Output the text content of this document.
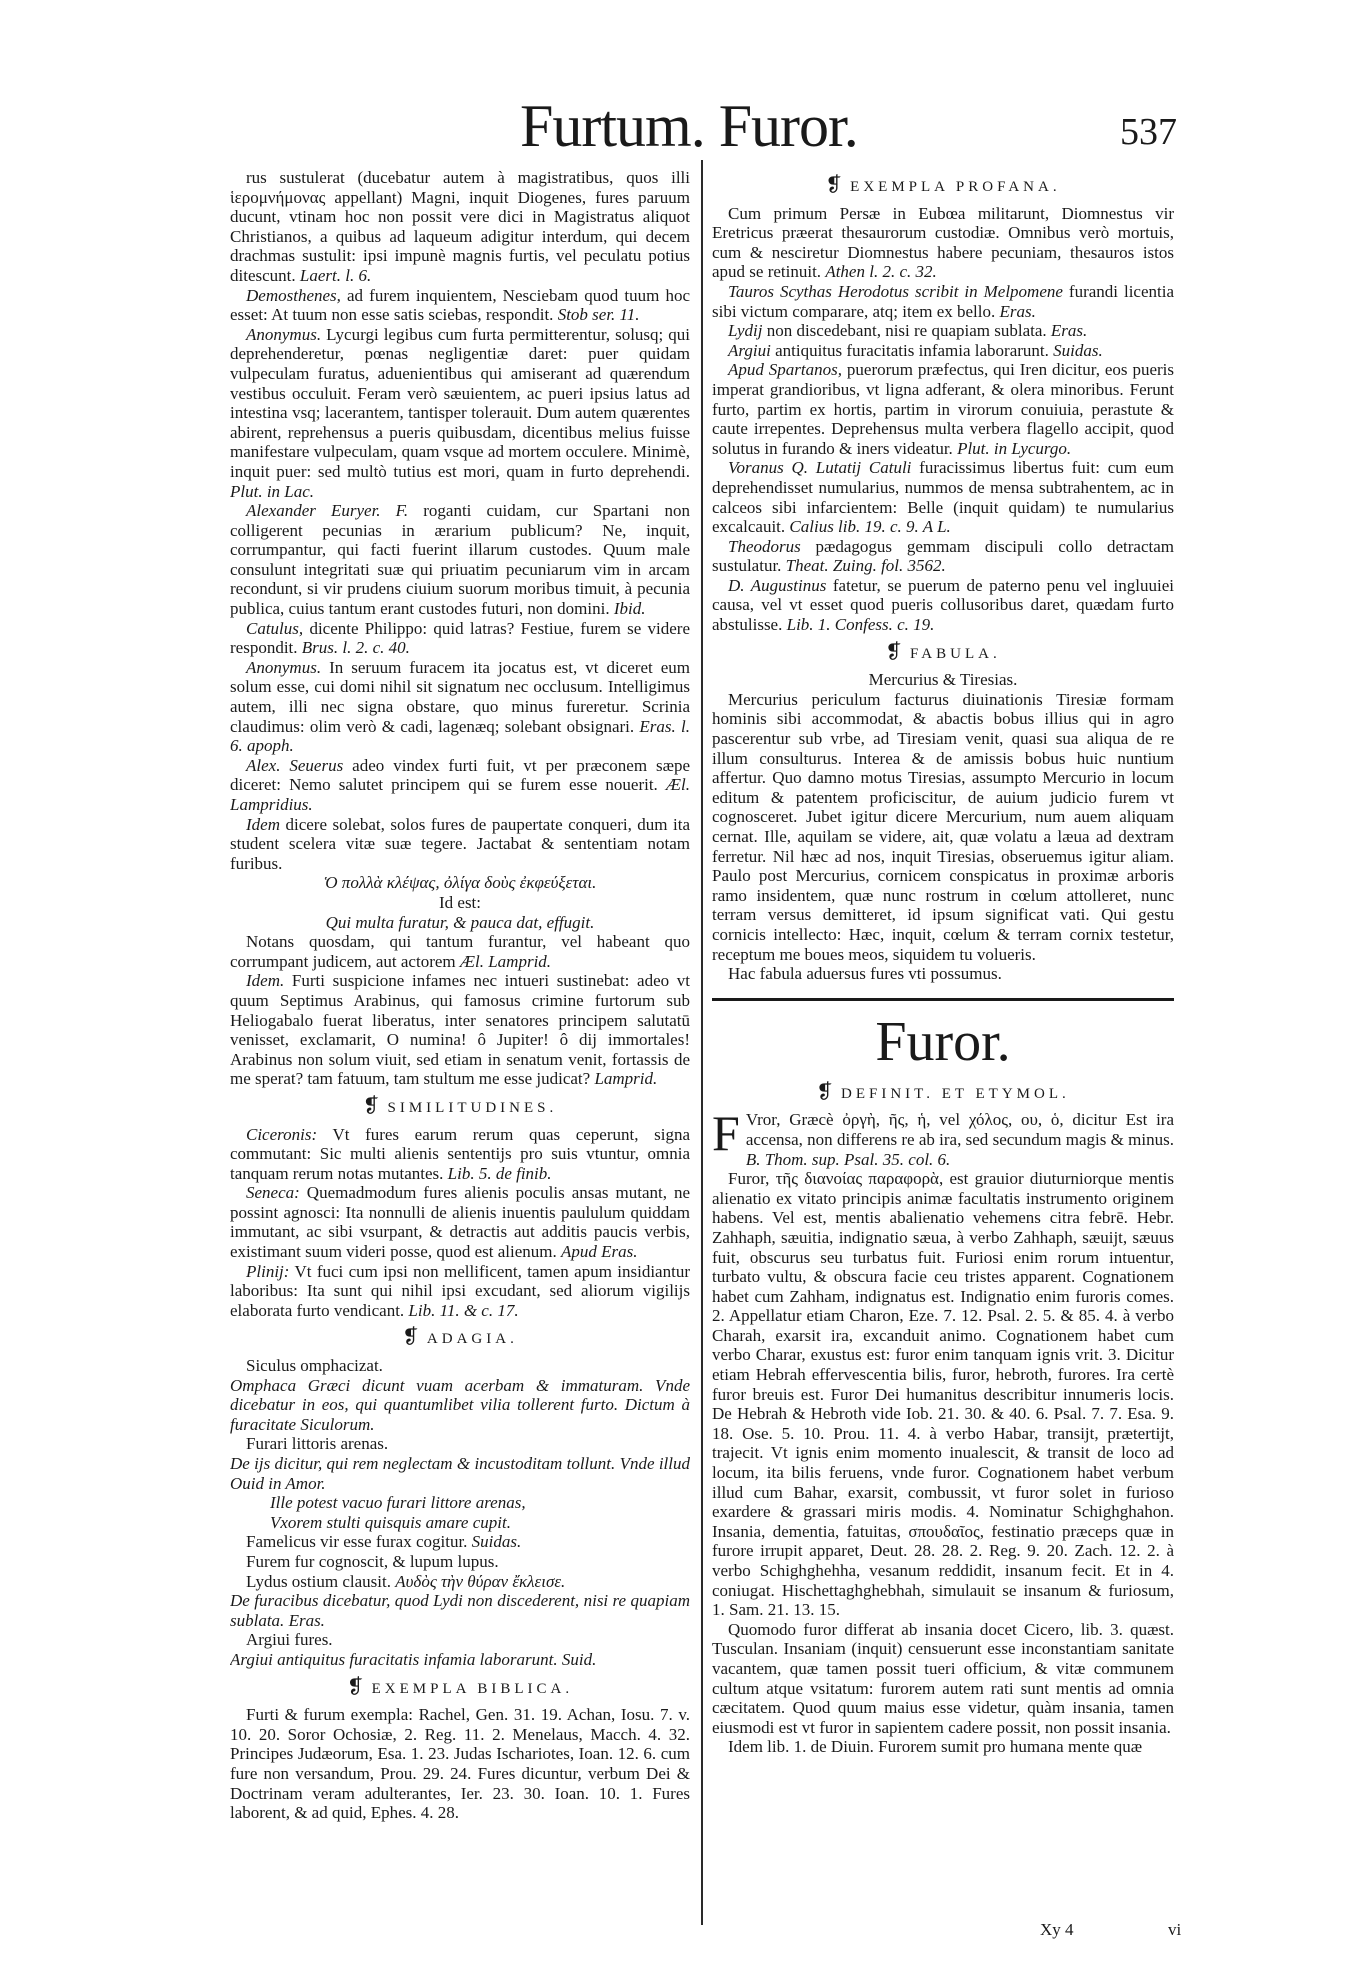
Furtum. Furor.	537
rus sustulerat (ducebatur autem à magistratibus, quos illi ἱερομνήμονας appellant) Magni, inquit Diogenes, fures paruum ducunt, vtinam hoc non possit vere dici in Magistratus aliquot Christianos, a quibus ad laqueum adigitur interdum, qui decem drachmas sustulit: ipsi impunè magnis furtis, vel peculatu potius ditescunt. Laert. l. 6.
Demosthenes, ad furem inquientem, Nesciebam quod tuum hoc esset: At tuum non esse satis sciebas, respondit. Stob ser. 11.
Anonymus. Lycurgi legibus cum furta permitterentur, solusq; qui deprehenderetur, pœnas negligentiæ daret: puer quidam vulpeculam furatus, aduenientibus qui amiserant ad quærendum vestibus occuluit. Feram verò sæuientem, ac pueri ipsius latus ad intestina vsq; lacerantem, tantisper tolerauit. Dum autem quærentes abirent, reprehensus a pueris quibusdam, dicentibus melius fuisse manifestare vulpeculam, quam vsque ad mortem occulere. Minimè, inquit puer: sed multò tutius est mori, quam in furto deprehendi. Plut. in Lac.
Alexander Euryer. F. roganti cuidam, cur Spartani non colligerent pecunias in ærarium publicum? Ne, inquit, corrumpantur, qui facti fuerint illarum custodes. Quum male consulunt integritati suæ qui priuatim pecuniarum vim in arcam recondunt, si vir prudens ciuium suorum moribus timuit, à pecunia publica, cuius tantum erant custodes futuri, non domini. Ibid.
Catulus, dicente Philippo: quid latras? Festiue, furem se videre respondit. Brus. l. 2. c. 40.
Anonymus. In seruum furacem ita jocatus est, vt diceret eum solum esse, cui domi nihil sit signatum nec occlusum. Intelligimus autem, illi nec signa obstare, quo minus fureretur. Scrinia claudimus: olim verò & cadi, lagenæq; solebant obsignari. Eras. l. 6. apoph.
Alex. Seuerus adeo vindex furti fuit, vt per præconem sæpe diceret: Nemo salutet principem qui se furem esse nouerit. Æl. Lampridius.
Idem dicere solebat, solos fures de paupertate conqueri, dum ita student scelera vitæ suæ tegere. Jactabat & sententiam notam furibus.
Ὁ πολλὰ κλέψας, ὀλίγα δοὺς ἐκφεύξεται.
Id est:
Qui multa furatur, & pauca dat, effugit.
Notans quosdam, qui tantum furantur, vel habeant quo corrumpant judicem, aut actorem Æl. Lamprid.
Idem. Furti suspicione infames nec intueri sustinebat: adeo vt quum Septimus Arabinus, qui famosus crimine furtorum sub Heliogabalo fuerat liberatus, inter senatores principem salutatū venisset, exclamarit, O numina! ô Jupiter! ô dij immortales! Arabinus non solum viuit, sed etiam in senatum venit, fortassis de me sperat? tam fatuum, tam stultum me esse judicat? Lamprid.
❡ SIMILITUDINES.
Ciceronis: Vt fures earum rerum quas ceperunt, signa commutant: Sic multi alienis sententijs pro suis vtuntur, omnia tanquam rerum notas mutantes. Lib. 5. de finib.
Seneca: Quemadmodum fures alienis poculis ansas mutant, ne possint agnosci: Ita nonnulli de alienis inuentis paululum quiddam immutant, ac sibi vsurpant, & detractis aut additis paucis verbis, existimant suum videri posse, quod est alienum. Apud Eras.
Plinij: Vt fuci cum ipsi non mellificent, tamen apum insidiantur laboribus: Ita sunt qui nihil ipsi excudant, sed aliorum vigilijs elaborata furto vendicant. Lib. 11. & c. 17.
❡ ADAGIA.
Siculus omphacizat.
Omphaca Græci dicunt vuam acerbam & immaturam. Vnde dicebatur in eos, qui quantumlibet vilia tollerent furto. Dictum à furacitate Siculorum.
Furari littoris arenas.
De ijs dicitur, qui rem neglectam & incustoditam tollunt. Vnde illud Ouid in Amor.
Ille potest vacuo furari littore arenas,
Vxorem stulti quisquis amare cupit.
Famelicus vir esse furax cogitur. Suidas.
Furem fur cognoscit, & lupum lupus.
Lydus ostium clausit. Αυδὸς τὴν θύραν ἔκλεισε.
De furacibus dicebatur, quod Lydi non discederent, nisi re quapiam sublata. Eras.
Argiui fures.
Argiui antiquitus furacitatis infamia laborarunt. Suid.
❡ EXEMPLA BIBLICA.
Furti & furum exempla: Rachel, Gen. 31. 19. Achan, Iosu. 7. v. 10. 20. Soror Ochosiæ, 2. Reg. 11. 2. Menelaus, Macch. 4. 32. Principes Judæorum, Esa. 1. 23. Judas Ischariotes, Ioan. 12. 6. cum fure non versandum, Prou. 29. 24. Fures dicuntur, verbum Dei & Doctrinam veram adulterantes, Ier. 23. 30. Ioan. 10. 1. Fures laborent, & ad quid, Ephes. 4. 28.
❡ EXEMPLA PROFANA.
Cum primum Persæ in Eubœa militarunt, Diomnestus vir Eretricus præerat thesaurorum custodiæ. Omnibus verò mortuis, cum & nesciretur Diomnestus habere pecuniam, thesauros istos apud se retinuit. Athen l. 2. c. 32.
Tauros Scythas Herodotus scribit in Melpomene furandi licentia sibi victum comparare, atq; item ex bello. Eras.
Lydij non discedebant, nisi re quapiam sublata. Eras.
Argiui antiquitus furacitatis infamia laborarunt. Suidas.
Apud Spartanos, puerorum præfectus, qui Iren dicitur, eos pueris imperat grandioribus, vt ligna adferant, & olera minoribus. Ferunt furto, partim ex hortis, partim in virorum conuiuia, perastute & caute irrepentes. Deprehensus multa verbera flagello accipit, quod solutus in furando & iners videatur. Plut. in Lycurgo.
Voranus Q. Lutatij Catuli furacissimus libertus fuit: cum eum deprehendisset numularius, nummos de mensa subtrahentem, ac in calceos sibi infarcientem: Belle (inquit quidam) te numularius excalcauit. Calius lib. 19. c. 9. A L.
Theodorus pædagogus gemmam discipuli collo detractam sustulatur. Theat. Zuing. fol. 3562.
D. Augustinus fatetur, se puerum de paterno penu vel ingluuiei causa, vel vt esset quod pueris collusoribus daret, quædam furto abstulisse. Lib. 1. Confess. c. 19.
❡ FABULA.
Mercurius & Tiresias.
Mercurius periculum facturus diuinationis Tiresiæ formam hominis sibi accommodat, & abactis bobus illius qui in agro pascerentur sub vrbe, ad Tiresiam venit, quasi sua aliqua de re illum consulturus. Interea & de amissis bobus huic nuntium affertur. Quo damno motus Tiresias, assumpto Mercurio in locum editum & patentem proficiscitur, de auium judicio furem vt cognosceret. Jubet igitur dicere Mercurium, num auem aliquam cernat. Ille, aquilam se videre, ait, quæ volatu a læua ad dextram ferretur. Nil hæc ad nos, inquit Tiresias, obseruemus igitur aliam. Paulo post Mercurius, cornicem conspicatus in proximæ arboris ramo insidentem, quæ nunc rostrum in cœlum attolleret, nunc terram versus demitteret, id ipsum significat vati. Qui gestu cornicis intellecto: Hæc, inquit, cœlum & terram cornix testetur, receptum me boues meos, siquidem tu volueris.
Hac fabula aduersus fures vti possumus.
Furor.
❡ DEFINIT. ET ETYMOL.
F Vror, Græcè ὀργὴ, ῆς, ἡ, vel χόλος, ου, ὁ, dicitur Est ira accensa, non differens re ab ira, sed secundum magis & minus. B. Thom. sup. Psal. 35. col. 6.
Furor, τῆς διανοίας παραφορὰ, est grauior diuturniorque mentis alienatio ex vitato principis animæ facultatis instrumento originem habens. Vel est, mentis abalienatio vehemens citra febrē. Hebr. Zahhaph, sæuitia, indignatio sæua, à verbo Zahhaph, sæuijt, sæuus fuit, obscurus seu turbatus fuit. Furiosi enim rorum intuentur, turbato vultu, & obscura facie ceu tristes apparent. Cognationem habet cum Zahham, indignatus est. Indignatio enim furoris comes. 2. Appellatur etiam Charon, Eze. 7. 12. Psal. 2. 5. & 85. 4. à verbo Charah, exarsit ira, excanduit animo. Cognationem habet cum verbo Charar, exustus est: furor enim tanquam ignis vrit. 3. Dicitur etiam Hebrah effervescentia bilis, furor, hebroth, furores. Ira certè furor breuis est. Furor Dei humanitus describitur innumeris locis. De Hebrah & Hebroth vide Iob. 21. 30. & 40. 6. Psal. 7. 7. Esa. 9. 18. Ose. 5. 10. Prou. 11. 4. à verbo Habar, transijt, prætertijt, trajecit. Vt ignis enim momento inualescit, & transit de loco ad locum, ita bilis feruens, vnde furor. Cognationem habet verbum illud cum Bahar, exarsit, combussit, vt furor solet in furioso exardere & grassari miris modis. 4. Nominatur Schighghahon. Insania, dementia, fatuitas, σπουδαῖος, festinatio præceps quæ in furore irrupit apparet, Deut. 28. 28. 2. Reg. 9. 20. Zach. 12. 2. à verbo Schighghehha, vesanum reddidit, insanum fecit. Et in 4. coniugat. Hischettaghghebhah, simulauit se insanum & furiosum, 1. Sam. 21. 13. 15.
Quomodo furor differat ab insania docet Cicero, lib. 3. quæst. Tusculan. Insaniam (inquit) censuerunt esse inconstantiam sanitate vacantem, quæ tamen possit tueri officium, & vitæ communem cultum atque vsitatum: furorem autem rati sunt mentis ad omnia cæcitatem. Quod quum maius esse videtur, quàm insania, tamen eiusmodi est vt furor in sapientem cadere possit, non possit insania.
Idem lib. 1. de Diuin. Furorem sumit pro humana mente quæ
Xy 4	vi
